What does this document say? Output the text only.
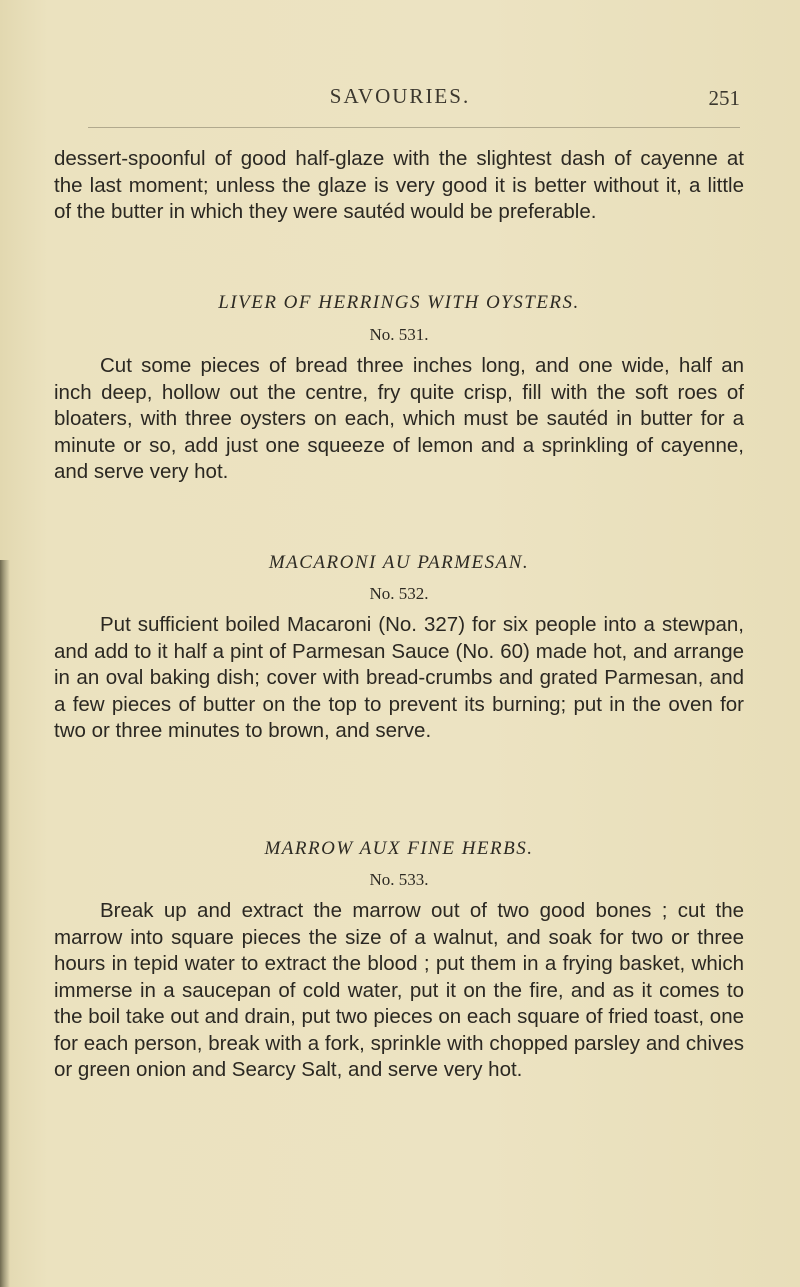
SAVOURIES.	251

dessert-spoonful of good half-glaze with the slightest dash of cayenne at the last moment; unless the glaze is very good it is better without it, a little of the butter in which they were sautéd would be preferable.

LIVER OF HERRINGS WITH OYSTERS.
No. 531.

Cut some pieces of bread three inches long, and one wide, half an inch deep, hollow out the centre, fry quite crisp, fill with the soft roes of bloaters, with three oysters on each, which must be sautéd in butter for a minute or so, add just one squeeze of lemon and a sprinkling of cayenne, and serve very hot.

MACARONI AU PARMESAN.
No. 532.

Put sufficient boiled Macaroni (No. 327) for six people into a stewpan, and add to it half a pint of Parmesan Sauce (No. 60) made hot, and arrange in an oval baking dish; cover with bread-crumbs and grated Parmesan, and a few pieces of butter on the top to prevent its burning; put in the oven for two or three minutes to brown, and serve.

MARROW AUX FINE HERBS.
No. 533.

Break up and extract the marrow out of two good bones ; cut the marrow into square pieces the size of a walnut, and soak for two or three hours in tepid water to extract the blood ; put them in a frying basket, which immerse in a saucepan of cold water, put it on the fire, and as it comes to the boil take out and drain, put two pieces on each square of fried toast, one for each person, break with a fork, sprinkle with chopped parsley and chives or green onion and Searcy Salt, and serve very hot.
